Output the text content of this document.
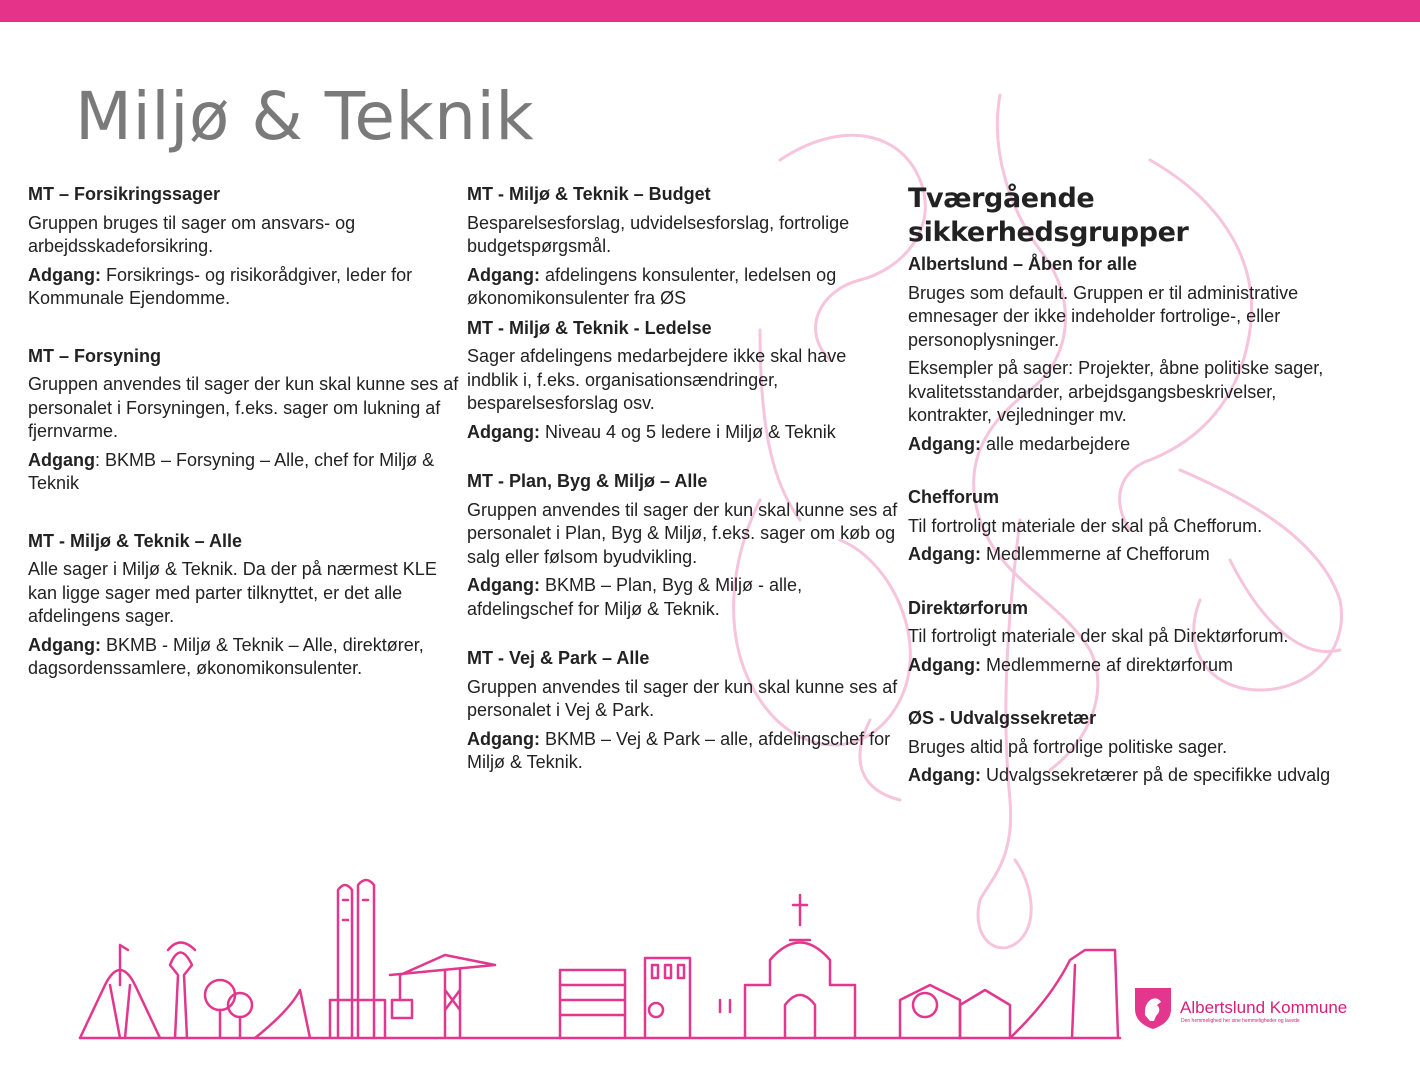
Miljø & Teknik
MT – Forsikringssager

Gruppen bruges til sager om ansvars- og arbejdsskadeforsikring.

Adgang: Forsikrings- og risikorådgiver, leder for Kommunale Ejendomme.

MT – Forsyning

Gruppen anvendes til sager der kun skal kunne ses af personalet i Forsyningen, f.eks. sager om lukning af fjernvarme.

Adgang: BKMB – Forsyning – Alle, chef for Miljø & Teknik

MT - Miljø & Teknik – Alle

Alle sager i Miljø & Teknik. Da der på nærmest KLE kan ligge sager med parter tilknyttet, er det alle afdelingens sager.

Adgang: BKMB - Miljø & Teknik – Alle, direktører, dagsordenssamlere, økonomikonsulenter.

MT - Miljø & Teknik – Budget

Besparelsesforslag, udvidelsesforslag, fortrolige budgetspørgsmål.

Adgang: afdelingens konsulenter, ledelsen og økonomikonsulenter fra ØS

MT - Miljø & Teknik - Ledelse

Sager afdelingens medarbejdere ikke skal have indblik i, f.eks. organisationsændringer, besparelsesforslag osv.

Adgang: Niveau 4 og 5 ledere i Miljø & Teknik

MT - Plan, Byg & Miljø – Alle

Gruppen anvendes til sager der kun skal kunne ses af personalet i Plan, Byg & Miljø, f.eks. sager om køb og salg eller følsom byudvikling.

Adgang: BKMB – Plan, Byg & Miljø - alle, afdelingschef for Miljø & Teknik.

MT - Vej & Park – Alle

Gruppen anvendes til sager der kun skal kunne ses af personalet i Vej & Park.

Adgang: BKMB – Vej & Park – alle, afdelingschef for Miljø & Teknik.

Tværgående sikkerhedsgrupper
Albertslund – Åben for alle

Bruges som default. Gruppen er til administrative emnesager der ikke indeholder fortrolige-, eller personoplysninger.

Eksempler på sager: Projekter, åbne politiske sager,

kvalitetsstandarder, arbejdsgangsbeskrivelser, kontrakter, vejledninger mv.

Adgang: alle medarbejdere

Chefforum

Til fortroligt materiale der skal på Chefforum.

Adgang: Medlemmerne af Chefforum

Direktørforum

Til fortroligt materiale der skal på Direktørforum.

Adgang: Medlemmerne af direktørforum

ØS - Udvalgssekretær

Bruges altid på fortrolige politiske sager.

Adgang: Udvalgssekretærer på de specifikke udvalg

Albertslund Kommune
Den hemmelighed her sine hemmeligheder og lavede
